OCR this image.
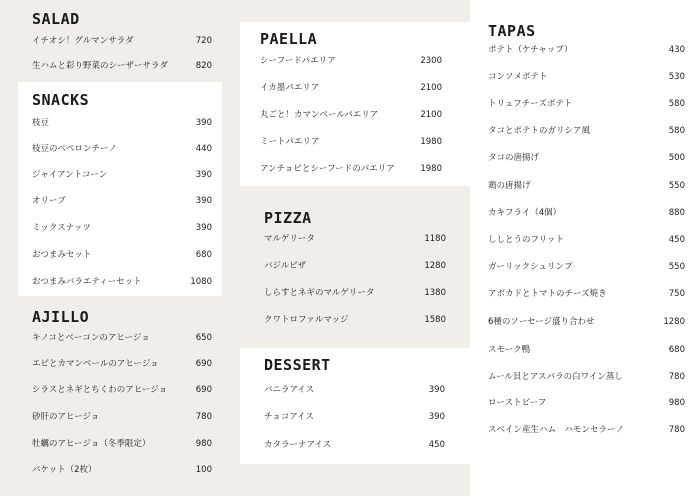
SALAD
イチオシ！グルマンサラダ	720
生ハムと彩り野菜のシーザーサラダ	820
SNACKS
枝豆	390
枝豆のペペロンチーノ	440
ジャイアントコーン	390
オリーブ	390
ミックスナッツ	390
おつまみセット	680
おつまみバラエティーセット	1080
AJILLO
キノコとベーコンのアヒージョ	650
エビとカマンベールのアヒージョ	690
シラスとネギとちくわのアヒージョ	690
砂肝のアヒージョ	780
牡蠣のアヒージョ（冬季限定）	980
バケット（2枚）	100
PAELLA
シーフードパエリア	2300
イカ墨パエリア	2100
丸ごと！カマンベールパエリア	2100
ミートパエリア	1980
アンチョビとシーフードのパエリア	1980
PIZZA
マルゲリータ	1180
バジルピザ	1280
しらすとネギのマルゲリータ	1380
クワトロファルマッジ	1580
DESSERT
バニラアイス	390
チョコアイス	390
カタラーナアイス	450
TAPAS
ポテト（ケチャップ）	430
コンソメポテト	530
トリュフチーズポテト	580
タコとポテトのガリシア風	580
タコの唐揚げ	500
鶏の唐揚げ	550
カキフライ（4個）	880
ししとうのフリット	450
ガーリックシュリンプ	550
アボカドとトマトのチーズ焼き	750
6種のソーセージ盛り合わせ	1280
スモーク鴨	680
ムール貝とアスパラの白ワイン蒸し	780
ローストビーフ	980
スペイン産生ハム　ハモンセラーノ	780
